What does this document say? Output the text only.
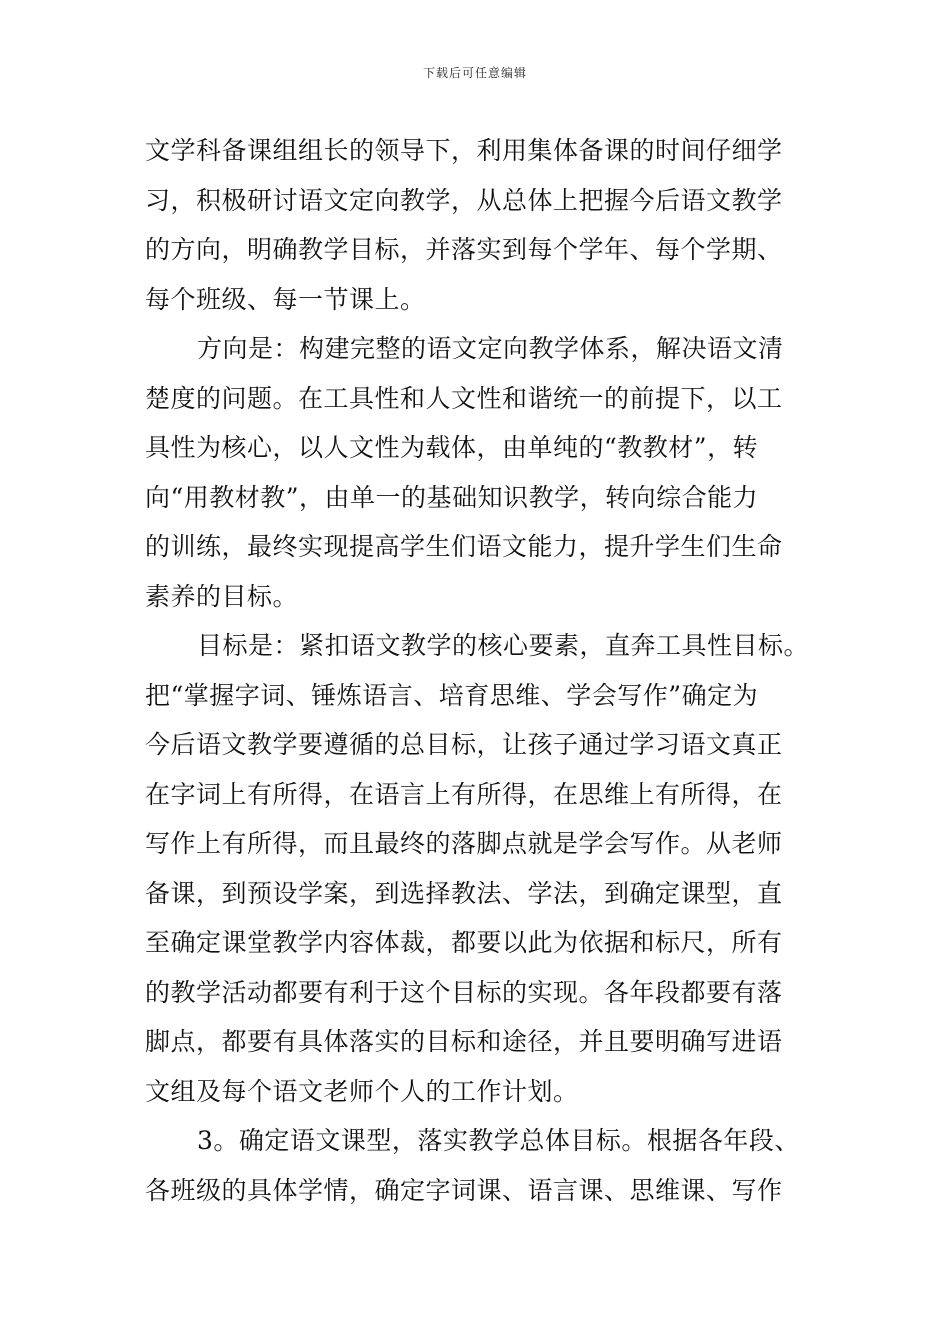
下载后可任意编辑
文学科备课组组长的领导下，利用集体备课的时间仔细学
习，积极研讨语文定向教学，从总体上把握今后语文教学
的方向，明确教学目标，并落实到每个学年、每个学期、
每个班级、每一节课上。
方向是：构建完整的语文定向教学体系，解决语文清
楚度的问题。在工具性和人文性和谐统一的前提下，以工
具性为核心，以人文性为载体，由单纯的“教教材”，转
向“用教材教”，由单一的基础知识教学，转向综合能力
的训练，最终实现提高学生们语文能力，提升学生们生命
素养的目标。
目标是：紧扣语文教学的核心要素，直奔工具性目标。
把“掌握字词、锤炼语言、培育思维、学会写作”确定为
今后语文教学要遵循的总目标，让孩子通过学习语文真正
在字词上有所得，在语言上有所得，在思维上有所得，在
写作上有所得，而且最终的落脚点就是学会写作。从老师
备课，到预设学案，到选择教法、学法，到确定课型，直
至确定课堂教学内容体裁，都要以此为依据和标尺，所有
的教学活动都要有利于这个目标的实现。各年段都要有落
脚点，都要有具体落实的目标和途径，并且要明确写进语
文组及每个语文老师个人的工作计划。
3。确定语文课型，落实教学总体目标。根据各年段、
各班级的具体学情，确定字词课、语言课、思维课、写作
